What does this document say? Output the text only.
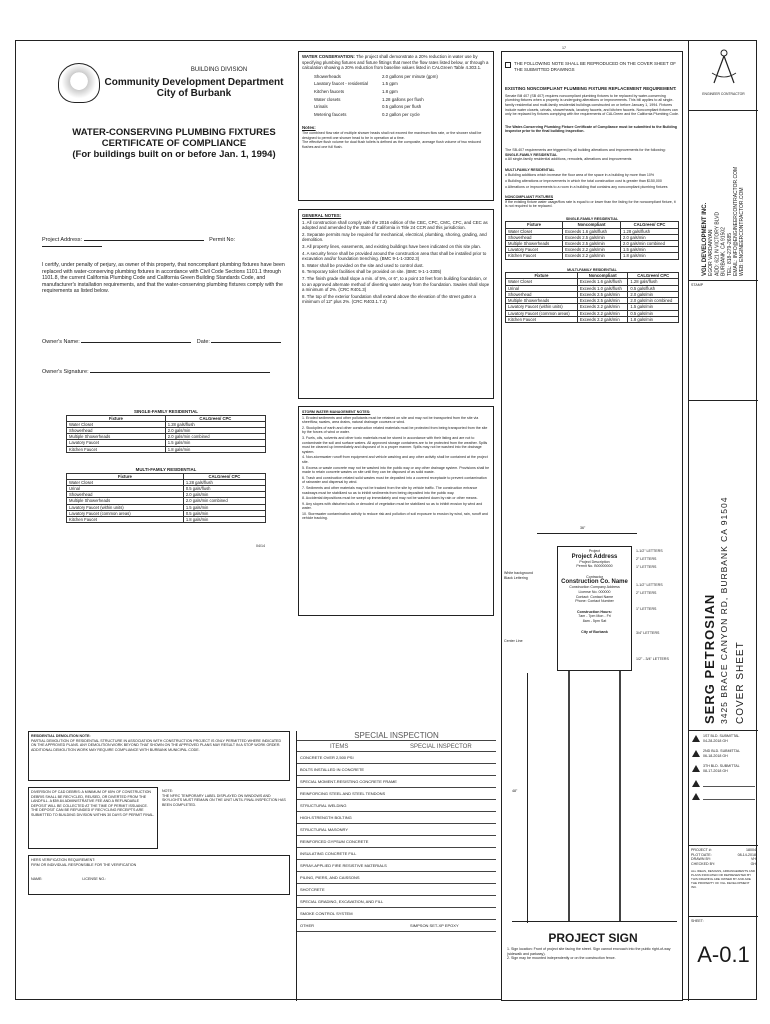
BUILDING DIVISION
Community Development Department
City of Burbank
WATER-CONSERVING PLUMBING FIXTURES
CERTIFICATE OF COMPLIANCE
(For buildings built on or before Jan. 1, 1994)
Project Address:	Permit No:
I certify, under penalty of perjury, as owner of this property, that noncompliant plumbing fixtures have been replaced with water-conserving plumbing fixtures in accordance with Civil Code Sections 1101.1 through 1101.8, the current California Plumbing Code and California Green Building Standards Code, and manufacturer's installation requirements, and that the water-conserving plumbing fixtures comply with the requirements as listed below.
Owner's Name:	Date:
Owner's Signature:
SINGLE-FAMILY RESIDENTIAL
Fixture	CALGreen/ CPC
Water Closet	1.28 gals/flush
Showerhead	2.0 gals/min
Multiple Showerheads	2.0 gals/min combined
Lavatory Faucet	1.5 gals/min
Kitchen Faucet	1.8 gals/min
MULTI-FAMILY RESIDENTIAL
Fixture	CALGreen/ CPC
Water Closet	1.28 gals/flush
Urinal	0.5 gals/flush
Showerhead	2.0 gals/min
Multiple Showerheads	2.0 gals/min combined
Lavatory Faucet (within units)	1.5 gals/min
Lavatory Faucet (common areas)	0.5 gals/min
Kitchen Faucet	1.8 gals/min
04/14
WATER CONSERVATION: The project shall demonstrate a 20% reduction in water use by specifying plumbing fixtures and fixture fittings that meet the flow rates listed below, or through a calculation showing a 20% reduction from baseline values listed in CALGreen Table 4.303.1.
Showerheads	2.0 gallons per minute (gpm)
Lavatory faucet - residential	1.5 gpm
Kitchen faucets	1.8 gpm
Water closets	1.28 gallons per flush
Urinals	0.5 gallons per flush
Metering faucets	0.2 gallon per cycle
Notes:
The combined flow rate of multiple shower heads shall not exceed the maximum flow rate, or the shower shall be designed to permit one shower head to be in operation at a time.
The effective flush volume for dual flush toilets is defined as the composite, average flush volume of two reduced flushes and one full flush.
GENERAL NOTES:
1. All construction shall comply with the 2016 edition of the CBC, CPC, CMC, CFC, and CEC as adopted and amended by the State of California in Title 24 CCR and this jurisdiction.
2. Separate permits may be required for mechanical, electrical, plumbing, shoring, grading, and demolition.
3. All property lines, easements, and existing buildings have been indicated on this site plan.
4. A security fence shall be provided around the construction area that shall be installed prior to excavation and/or foundation trenching. (BMC 9-1-1-3302.3)
5. Water shall be provided on the site and used to control dust.
6. Temporary toilet facilities shall be provided on site. (BMC 9-1-1-3305)
7. The finish grade shall slope a min. of 5%, or 6", to a point 10 feet from building foundation, or to an approved alternate method of diverting water away from the foundation. Swales shall slope a minimum of 2%. (CRC R401.3)
8. The top of the exterior foundation shall extend above the elevation of the street gutter a minimum of 12" plus 2%. (CRC R403.1.7.3)
STORM WATER MANAGEMENT NOTES:
1. Eroded sediments and other pollutants must be retained on site and may not be transported from the site via sheetflow, swales, area drains, natural drainage courses or wind.
2. Stockpiles of earth and other construction related materials must be protected from being transported from the site by the forces of wind or water.
3. Fuels, oils, solvents and other toxic materials must be stored in accordance with their listing and are not to contaminate the soil and surface waters. All approved storage containers are to be protected from the weather. Spills must be cleaned up immediately and disposed of in a proper manner. Spills may not be washed into the drainage system.
4. Non-stormwater runoff from equipment and vehicle washing and any other activity shall be contained at the project site.
5. Excess or waste concrete may not be washed into the public way or any other drainage system. Provisions shall be made to retain concrete wastes on site until they can be disposed of as solid waste.
6. Trash and construction related solid wastes must be deposited into a covered receptacle to prevent contamination of rainwater and dispersal by wind.
7. Sediments and other materials may not be tracked from the site by vehicle traffic. The construction entrance roadways must be stabilized so as to inhibit sediments from being deposited into the public way.
8. Accidental depositions must be swept up immediately and may not be washed down by rain or other means.
9. Any slopes with disturbed soils or denuded of vegetation must be stabilized so as to inhibit erosion by wind and water.
10. Stormwater contamination activity to reduce risk and pollution of soil exposure to erosion by wind, rain, runoff and vehicle tracking.
17
THE FOLLOWING NOTE SHALL BE REPRODUCED ON THE COVER SHEET OF THE SUBMITTED DRAWINGS
EXISTING NONCOMPLIANT PLUMBING FIXTURE REPLACEMENT REQUIREMENT:
Senate Bill 407 (SB 407) requires noncompliant plumbing fixtures to be replaced by water-conserving plumbing fixtures when a property is undergoing alterations or improvements. This bill applies to all single-family residential and multi-family residential buildings constructed on or before January 1, 1994. Fixtures include water closets, urinals, showerheads, lavatory faucets, and kitchen faucets. Noncompliant fixtures can only be replaced by fixtures complying with the requirements of CALGreen and the California Plumbing Code.
The Water-Conserving Plumbing Fixture Certificate of Compliance must be submitted to the Building Inspector prior to the final building inspection.
The SB-407 requirements are triggered by all building alterations and improvements for the following:
SINGLE-FAMILY RESIDENTIAL
o All single-family residential additions, remodels, alterations and improvements
MULTI-FAMILY RESIDENTIAL
o Building additions which increase the floor area of the space in a building by more than 10%
o Building alterations or improvements in which the total construction cost is greater than $150,000
o Alterations or improvements to a room in a building that contains any noncompliant plumbing fixtures
NONCOMPLIANT FIXTURES
If the existing fixture water usage/flow rate is equal to or lower than the listing for the noncompliant fixture, it is not required to be replaced.
SINGLE-FAMILY RESIDENTIAL
Fixture	Noncompliant	CALGreen/ CPC
Water Closet	Exceeds 1.6 gals/flush	1.28 gals/flush
Showerhead	Exceeds 2.5 gals/min	2.0 gals/min
Multiple Showerheads	Exceeds 2.5 gals/min	2.0 gals/min combined
Lavatory Faucet	Exceeds 2.2 gals/min	1.5 gals/min
Kitchen Faucet	Exceeds 2.2 gals/min	1.8 gals/min
MULTI-FAMILY RESIDENTIAL
Fixture	Noncompliant	CALGreen/ CPC
Water Closet	Exceeds 1.6 gals/flush	1.28 gals/flush
Urinal	Exceeds 1.0 gals/flush	0.5 gals/flush
Showerhead	Exceeds 2.5 gals/min	2.0 gals/min
Multiple Showerheads	Exceeds 2.5 gals/min	2.0 gals/min combined
Lavatory Faucet (within units)	Exceeds 2.2 gals/min	1.5 gals/min
Lavatory Faucet (common areas)	Exceeds 2.2 gals/min	0.5 gals/min
Kitchen Faucet	Exceeds 2.2 gals/min	1.8 gals/min
36"
White background
Black Lettering
Center Line
Project
Project Address
Project Description
Permit No. B00000000
Contractor
Construction Co. Name
Construction Company Address
License No. 000000
Contact: Contact Name
Phone: Contact Number
Construction Hours:
7am - 7pm Mon - Fri
8am - 5pm Sat
City of Burbank
1-1/2" LETTERS
2" LETTERS
1" LETTERS
1-1/2" LETTERS
2" LETTERS
1" LETTERS
3/4" LETTERS
1/2" - 3/4" LETTERS
48"
PROJECT SIGN
1. Sign location: Front of project site facing the street. Sign cannot encroach into the public right-of-way (sidewalk and parkway).
2. Sign may be mounted independently or on the construction fence.
RESIDENTIAL DEMOLITION NOTE:
PARTIAL DEMOLITION OF RESIDENTIAL STRUCTURE IN ASSOCIATION WITH CONSTRUCTION PROJECT IS ONLY PERMITTED WHERE INDICATED ON THE APPROVED PLANS. ANY DEMOLITION WORK BEYOND THAT SHOWN ON THE APPROVED PLANS MAY RESULT IN A STOP WORK ORDER. ADDITIONAL DEMOLITION WORK MAY REQUIRE COMPLIANCE WITH BURBANK MUNICIPAL CODE.
DIVERSION OF C&D DEBRIS: A MINIMUM OF 65% OF CONSTRUCTION DEBRIS SHALL BE RECYCLED, REUSED, OR DIVERTED FROM THE LANDFILL. A $59.84 ADMINISTRATIVE FEE AND A REFUNDABLE DEPOSIT WILL BE COLLECTED AT THE TIME OF PERMIT ISSUANCE. THE DEPOSIT CAN BE REFUNDED IF RECYCLING RECEIPTS ARE SUBMITTED TO BUILDING DIVISION WITHIN 30 DAYS OF PERMIT FINAL.
NOTE:
THE NFRC TEMPORARY LABEL DISPLAYED ON WINDOWS AND SKYLIGHTS MUST REMAIN ON THE UNIT UNTIL FINAL INSPECTION HAS BEEN COMPLETED.
HERS VERIFICATION REQUIREMENT:
FIRM OR INDIVIDUAL RESPONSIBLE FOR THE VERIFICATION
NAME:	LICENSE NO.:
SPECIAL INSPECTION
ITEMS	SPECIAL INSPECTOR
CONCRETE OVER 2,500 PSI
BOLTS INSTALLED IN CONCRETE
SPECIAL MOMENT-RESISTING CONCRETE FRAME
REINFORCING STEEL AND STEEL TENDONS
STRUCTURAL WELDING
HIGH-STRENGTH BOLTING
STRUCTURAL MASONRY
REINFORCED GYPSUM CONCRETE
INSULATING CONCRETE FILL
SPRAY-APPLIED FIRE RESISTIVE MATERIALS
PILING, PIERS, AND CAISSONS
SHOTCRETE
SPECIAL GRADING, EXCAVATION, AND FILL
SMOKE CONTROL SYSTEM
OTHER	SIMPSON SET-XP EPOXY
ENGINEER CONTRACTOR
VGL DEVELOPMENT INC. EGOR VARDANYAN ADD: 621 N VICTORY BLVD BURBANK, CA 91502 TEL: 818-279-2685 EMAIL: INFO@ENGINEERCONTRACTOR.COM WEB: ENGINEERCONTRACTOR.COM
STAMP
SERG PETROSIAN 3425 BRACE CANYON RD, BURBANK CA 91504 COVER SHEET
1ST BLD. SUBMITTAL
04-28-2018 GH
2ND BLD. SUBMITTAL
06-18-2018 GH
3TH BLD. SUBMITTAL
08-17-2018 GH
PROJECT #:	18004
PLOT DATE:	08-14-2018
DRAWN BY:	VH
CHECKED BY:	GH
ALL IDEAS, DESIGNS, ARRANGEMENTS AND PLANS INDICATED OR REPRESENTED BY THIS DRAWING ARE OWNED BY AND ARE THE PROPERTY OF VGL DEVELOPMENT INC.
SHEET:
A-0.1
